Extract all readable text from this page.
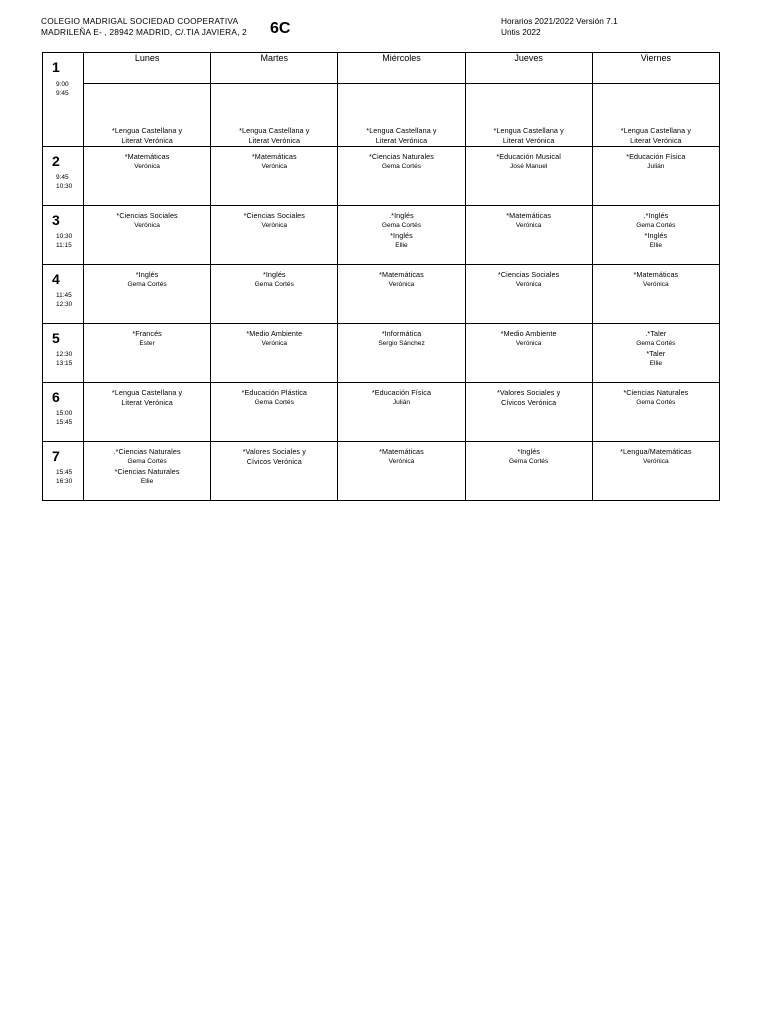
COLEGIO MADRIGAL SOCIEDAD COOPERATIVA
MADRILEÑA E- , 28942 MADRID, C/.TIA JAVIERA, 2 6C	Horarios 2021/2022 Versión 7.1
Untis 2022
1
9:00
9:45	Lunes	Martes	Miércoles	Jueves	Viernes

	*Lengua Castellana y
Literat Verónica	*Lengua Castellana y
Literat Verónica	*Lengua Castellana y
Literat Verónica	*Lengua Castellana y
Literat Verónica	*Lengua Castellana y
Literat Verónica

2
9:45
10:30	*Matemáticas
Verónica	*Matemáticas
Verónica	*Ciencias Naturales
Gema Cortés	*Educación Musical
José Manuel	*Educación Física
Julián

3
10:30
11:15	*Ciencias Sociales
Verónica	*Ciencias Sociales
Verónica	.*Inglés
Gema Cortés
*Inglés
Ellie	*Matemáticas
Verónica	.*Inglés
Gema Cortés
*Inglés
Ellie

4
11:45
12:30	*Inglés
Gema Cortés	*Inglés
Gema Cortés	*Matemáticas
Verónica	*Ciencias Sociales
Verónica	*Matemáticas
Verónica

5
12:30
13:15	*Francés
Ester	*Medio Ambiente
Verónica	*Informática
Sergio Sánchez	*Medio Ambiente
Verónica	.*Taler
Gema Cortés
*Taler
Ellie

6
15:00
15:45	*Lengua Castellana y
Literat Verónica	*Educación Plástica
Gema Cortés	*Educación Física
Julián	*Valores Sociales y
Cívicos Verónica	*Ciencias Naturales
Gema Cortés

7
15:45
16:30	.*Ciencias Naturales
Gema Cortés
*Ciencias Naturales
Ellie	*Valores Sociales y
Cívicos Verónica	*Matemáticas
Verónica	*Inglés
Gema Cortés	*Lengua/Matemáticas
Verónica
